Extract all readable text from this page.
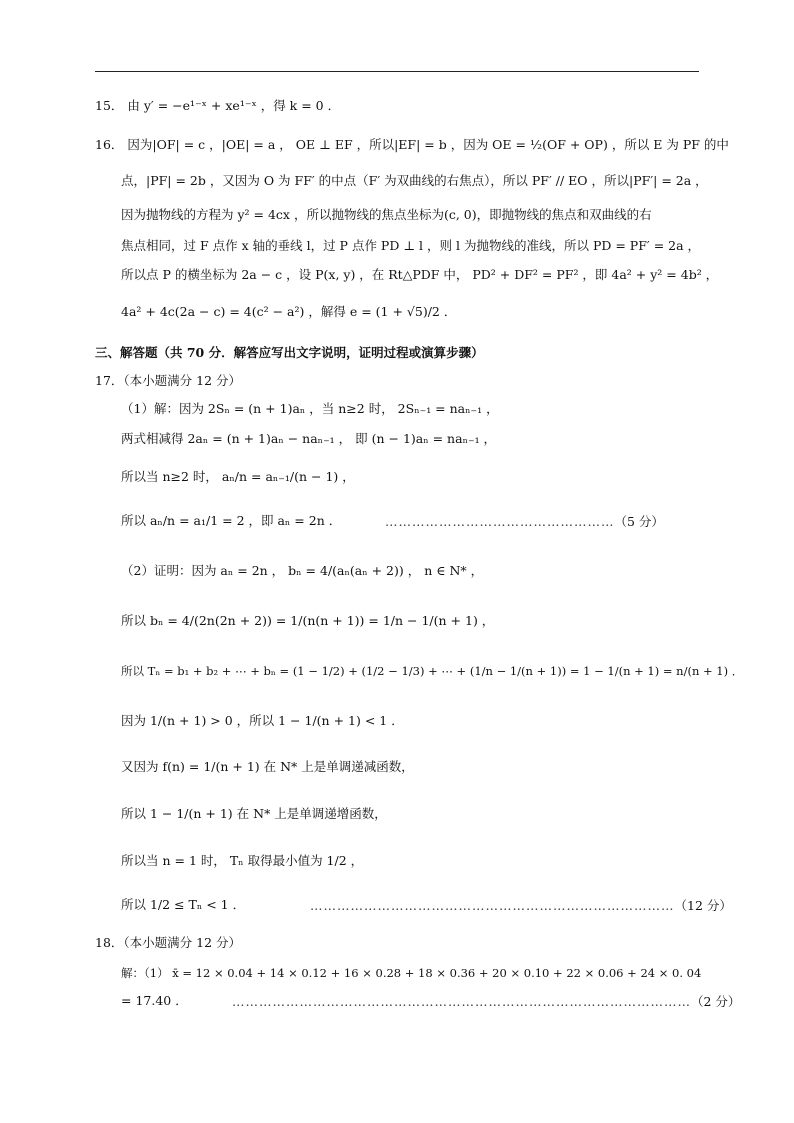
15． 由 y′ = −e¹⁻ˣ + xe¹⁻ˣ ，得 k = 0 ．
16． 因为|OF| = c ，|OE| = a ， OE ⊥ EF ，所以|EF| = b ，因为 OE = ½(OF + OP) ，所以 E 为 PF 的中
点，|PF| = 2b ，又因为 O 为 FF′ 的中点（F′ 为双曲线的右焦点），所以 PF′ // EO ，所以|PF′| = 2a ，
因为抛物线的方程为 y² = 4cx ，所以抛物线的焦点坐标为(c, 0)，即抛物线的焦点和双曲线的右
焦点相同，过 F 点作 x 轴的垂线 l，过 P 点作 PD ⊥ l ，则 l 为抛物线的准线，所以 PD = PF′ = 2a ，
所以点 P 的横坐标为 2a − c ，设 P(x, y) ，在 Rt△PDF 中， PD² + DF² = PF² ，即 4a² + y² = 4b² ，
4a² + 4c(2a − c) = 4(c² − a²) ，解得 e = (1 + √5)/2 ．
三、解答题（共 70 分．解答应写出文字说明，证明过程或演算步骤）
17．（本小题满分 12 分）
（1）解：因为 2Sₙ = (n + 1)aₙ ，当 n≥2 时， 2Sₙ₋₁ = naₙ₋₁ ，
两式相减得 2aₙ = (n + 1)aₙ − naₙ₋₁ ， 即 (n − 1)aₙ = naₙ₋₁ ，
所以当 n≥2 时， aₙ/n = aₙ₋₁/(n − 1) ，
所以 aₙ/n = a₁/1 = 2 ，即 aₙ = 2n ．	……………………………………………（5 分）
（2）证明：因为 aₙ = 2n ， bₙ = 4/(aₙ(aₙ + 2)) ， n ∈ N* ，
所以 bₙ = 4/(2n(2n + 2)) = 1/(n(n + 1)) = 1/n − 1/(n + 1) ，
所以 Tₙ = b₁ + b₂ + ⋯ + bₙ = (1 − 1/2) + (1/2 − 1/3) + ⋯ + (1/n − 1/(n + 1)) = 1 − 1/(n + 1) = n/(n + 1) ．
因为 1/(n + 1) > 0 ，所以 1 − 1/(n + 1) < 1 ．
又因为 f(n) = 1/(n + 1) 在 N* 上是单调递减函数，
所以 1 − 1/(n + 1) 在 N* 上是单调递增函数，
所以当 n = 1 时， Tₙ 取得最小值为 1/2 ，
所以 1/2 ≤ Tₙ < 1 ．	………………………………………………………………………（12 分）
18．（本小题满分 12 分）
解：（1） x̄ = 12 × 0.04 + 14 × 0.12 + 16 × 0.28 + 18 × 0.36 + 20 × 0.10 + 22 × 0.06 + 24 × 0. 04
= 17.40 ．	…………………………………………………………………………………………（2 分）
